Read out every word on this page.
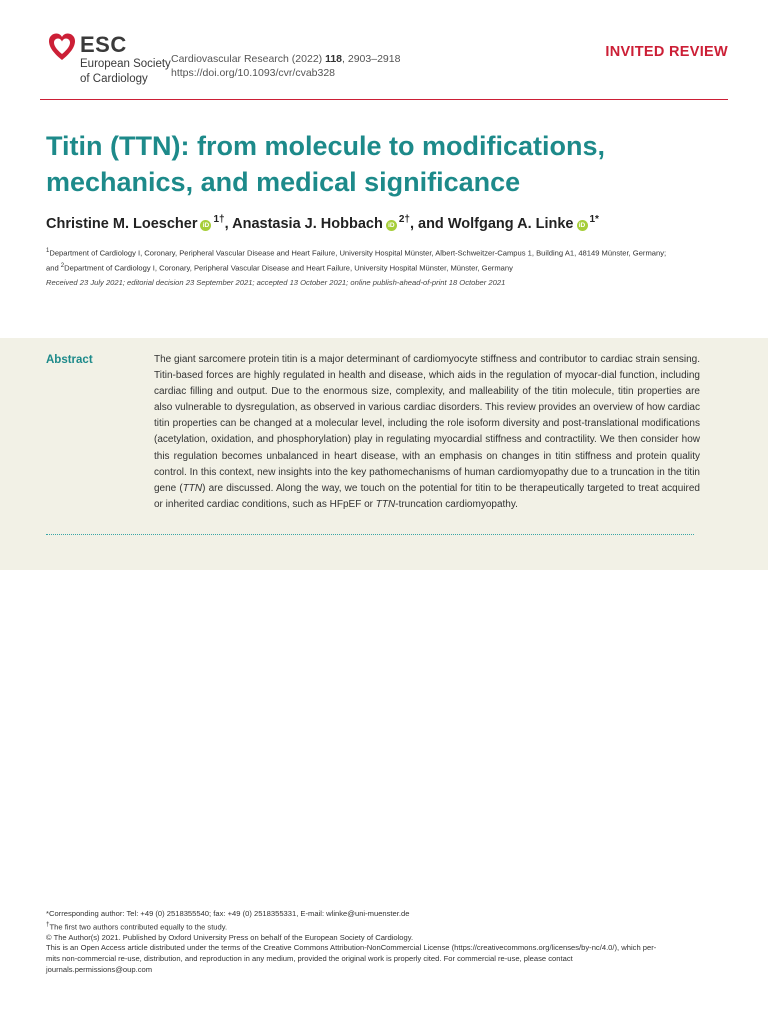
ESC
European Society
of Cardiology
Cardiovascular Research (2022) 118, 2903–2918
https://doi.org/10.1093/cvr/cvab328
INVITED REVIEW
Titin (TTN): from molecule to modifications,
mechanics, and medical significance
Christine M. Loescher $iD^{1\dagger}$, Anastasia J. Hobbach $iD^{2\dagger}$, and Wolfgang A. Linke $iD^{1*}$
$^1$Department of Cardiology I, Coronary, Peripheral Vascular Disease and Heart Failure, University Hospital Münster, Albert-Schweitzer-Campus 1, Building A1, 48149 Münster, Germany;
and $^2$Department of Cardiology I, Coronary, Peripheral Vascular Disease and Heart Failure, University Hospital Münster, Münster, Germany
Received 23 July 2021; editorial decision 23 September 2021; accepted 13 October 2021; online publish-ahead-of-print 18 October 2021
Abstract	The giant sarcomere protein titin is a major determinant of cardiomyocyte stiffness and contributor to cardiac strain sensing. Titin-based forces are highly regulated in health and disease, which aids in the regulation of myocar-dial function, including cardiac filling and output. Due to the enormous size, complexity, and malleability of the titin molecule, titin properties are also vulnerable to dysregulation, as observed in various cardiac disorders. This review provides an overview of how cardiac titin properties can be changed at a molecular level, including the role isoform diversity and post-translational modifications (acetylation, oxidation, and phosphorylation) play in regulating myocardial stiffness and contractility. We then consider how this regulation becomes unbalanced in heart disease, with an emphasis on changes in titin stiffness and protein quality control. In this context, new insights into the key pathomechanisms of human cardiomyopathy due to a truncation in the titin gene (TTN) are discussed. Along the way, we touch on the potential for titin to be therapeutically targeted to treat acquired or inherited cardiac conditions, such as HFpEF or TTN-truncation cardiomyopathy.
*Corresponding author: Tel: +49 (0) 2518355540; fax: +49 (0) 2518355331, E-mail: wlinke@uni-muenster.de
†The first two authors contributed equally to the study.
© The Author(s) 2021. Published by Oxford University Press on behalf of the European Society of Cardiology.
This is an Open Access article distributed under the terms of the Creative Commons Attribution-NonCommercial License (https://creativecommons.org/licenses/by-nc/4.0/), which per-
mits non-commercial re-use, distribution, and reproduction in any medium, provided the original work is properly cited. For commercial re-use, please contact
journals.permissions@oup.com
